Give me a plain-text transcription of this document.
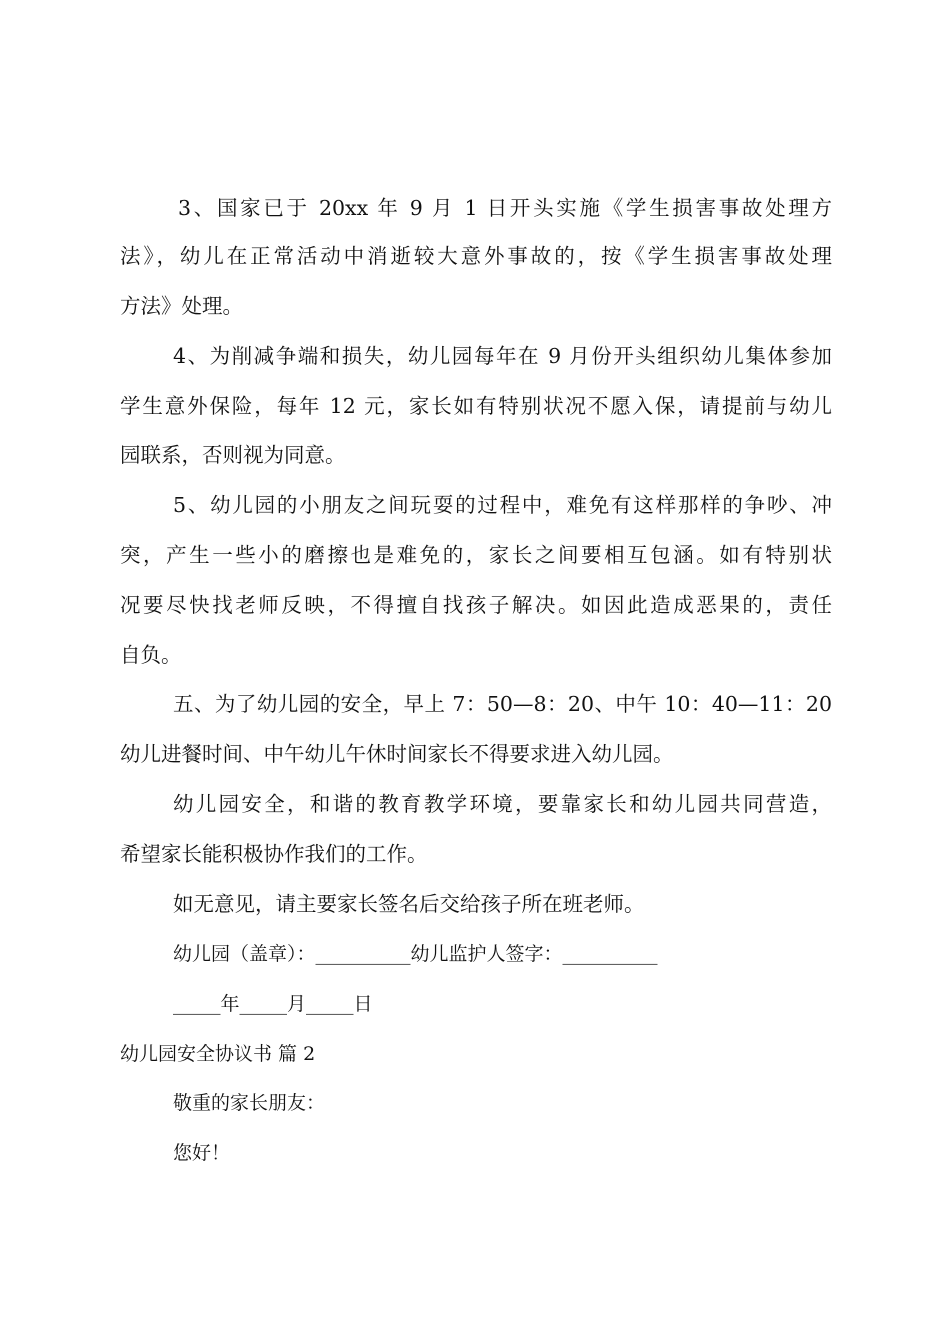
3、国家已于 20xx 年 9 月 1 日开头实施《学生损害事故处理方
法》，幼儿在正常活动中消逝较大意外事故的，按《学生损害事故处理
方法》处理。
4、为削减争端和损失，幼儿园每年在 9 月份开头组织幼儿集体参加
学生意外保险，每年 12 元，家长如有特别状况不愿入保，请提前与幼儿
园联系，否则视为同意。
5、幼儿园的小朋友之间玩耍的过程中，难免有这样那样的争吵、冲
突，产生一些小的磨擦也是难免的，家长之间要相互包涵。如有特别状
况要尽快找老师反映，不得擅自找孩子解决。如因此造成恶果的，责任
自负。
五、为了幼儿园的安全，早上 7：50—8：20、中午 10：40—11：20
幼儿进餐时间、中午幼儿午休时间家长不得要求进入幼儿园。
幼儿园安全，和谐的教育教学环境，要靠家长和幼儿园共同营造，
希望家长能积极协作我们的工作。
如无意见，请主要家长签名后交给孩子所在班老师。
幼儿园（盖章）：__________幼儿监护人签字：__________
_____年_____月_____日
幼儿园安全协议书 篇 2
敬重的家长朋友：
您好！
